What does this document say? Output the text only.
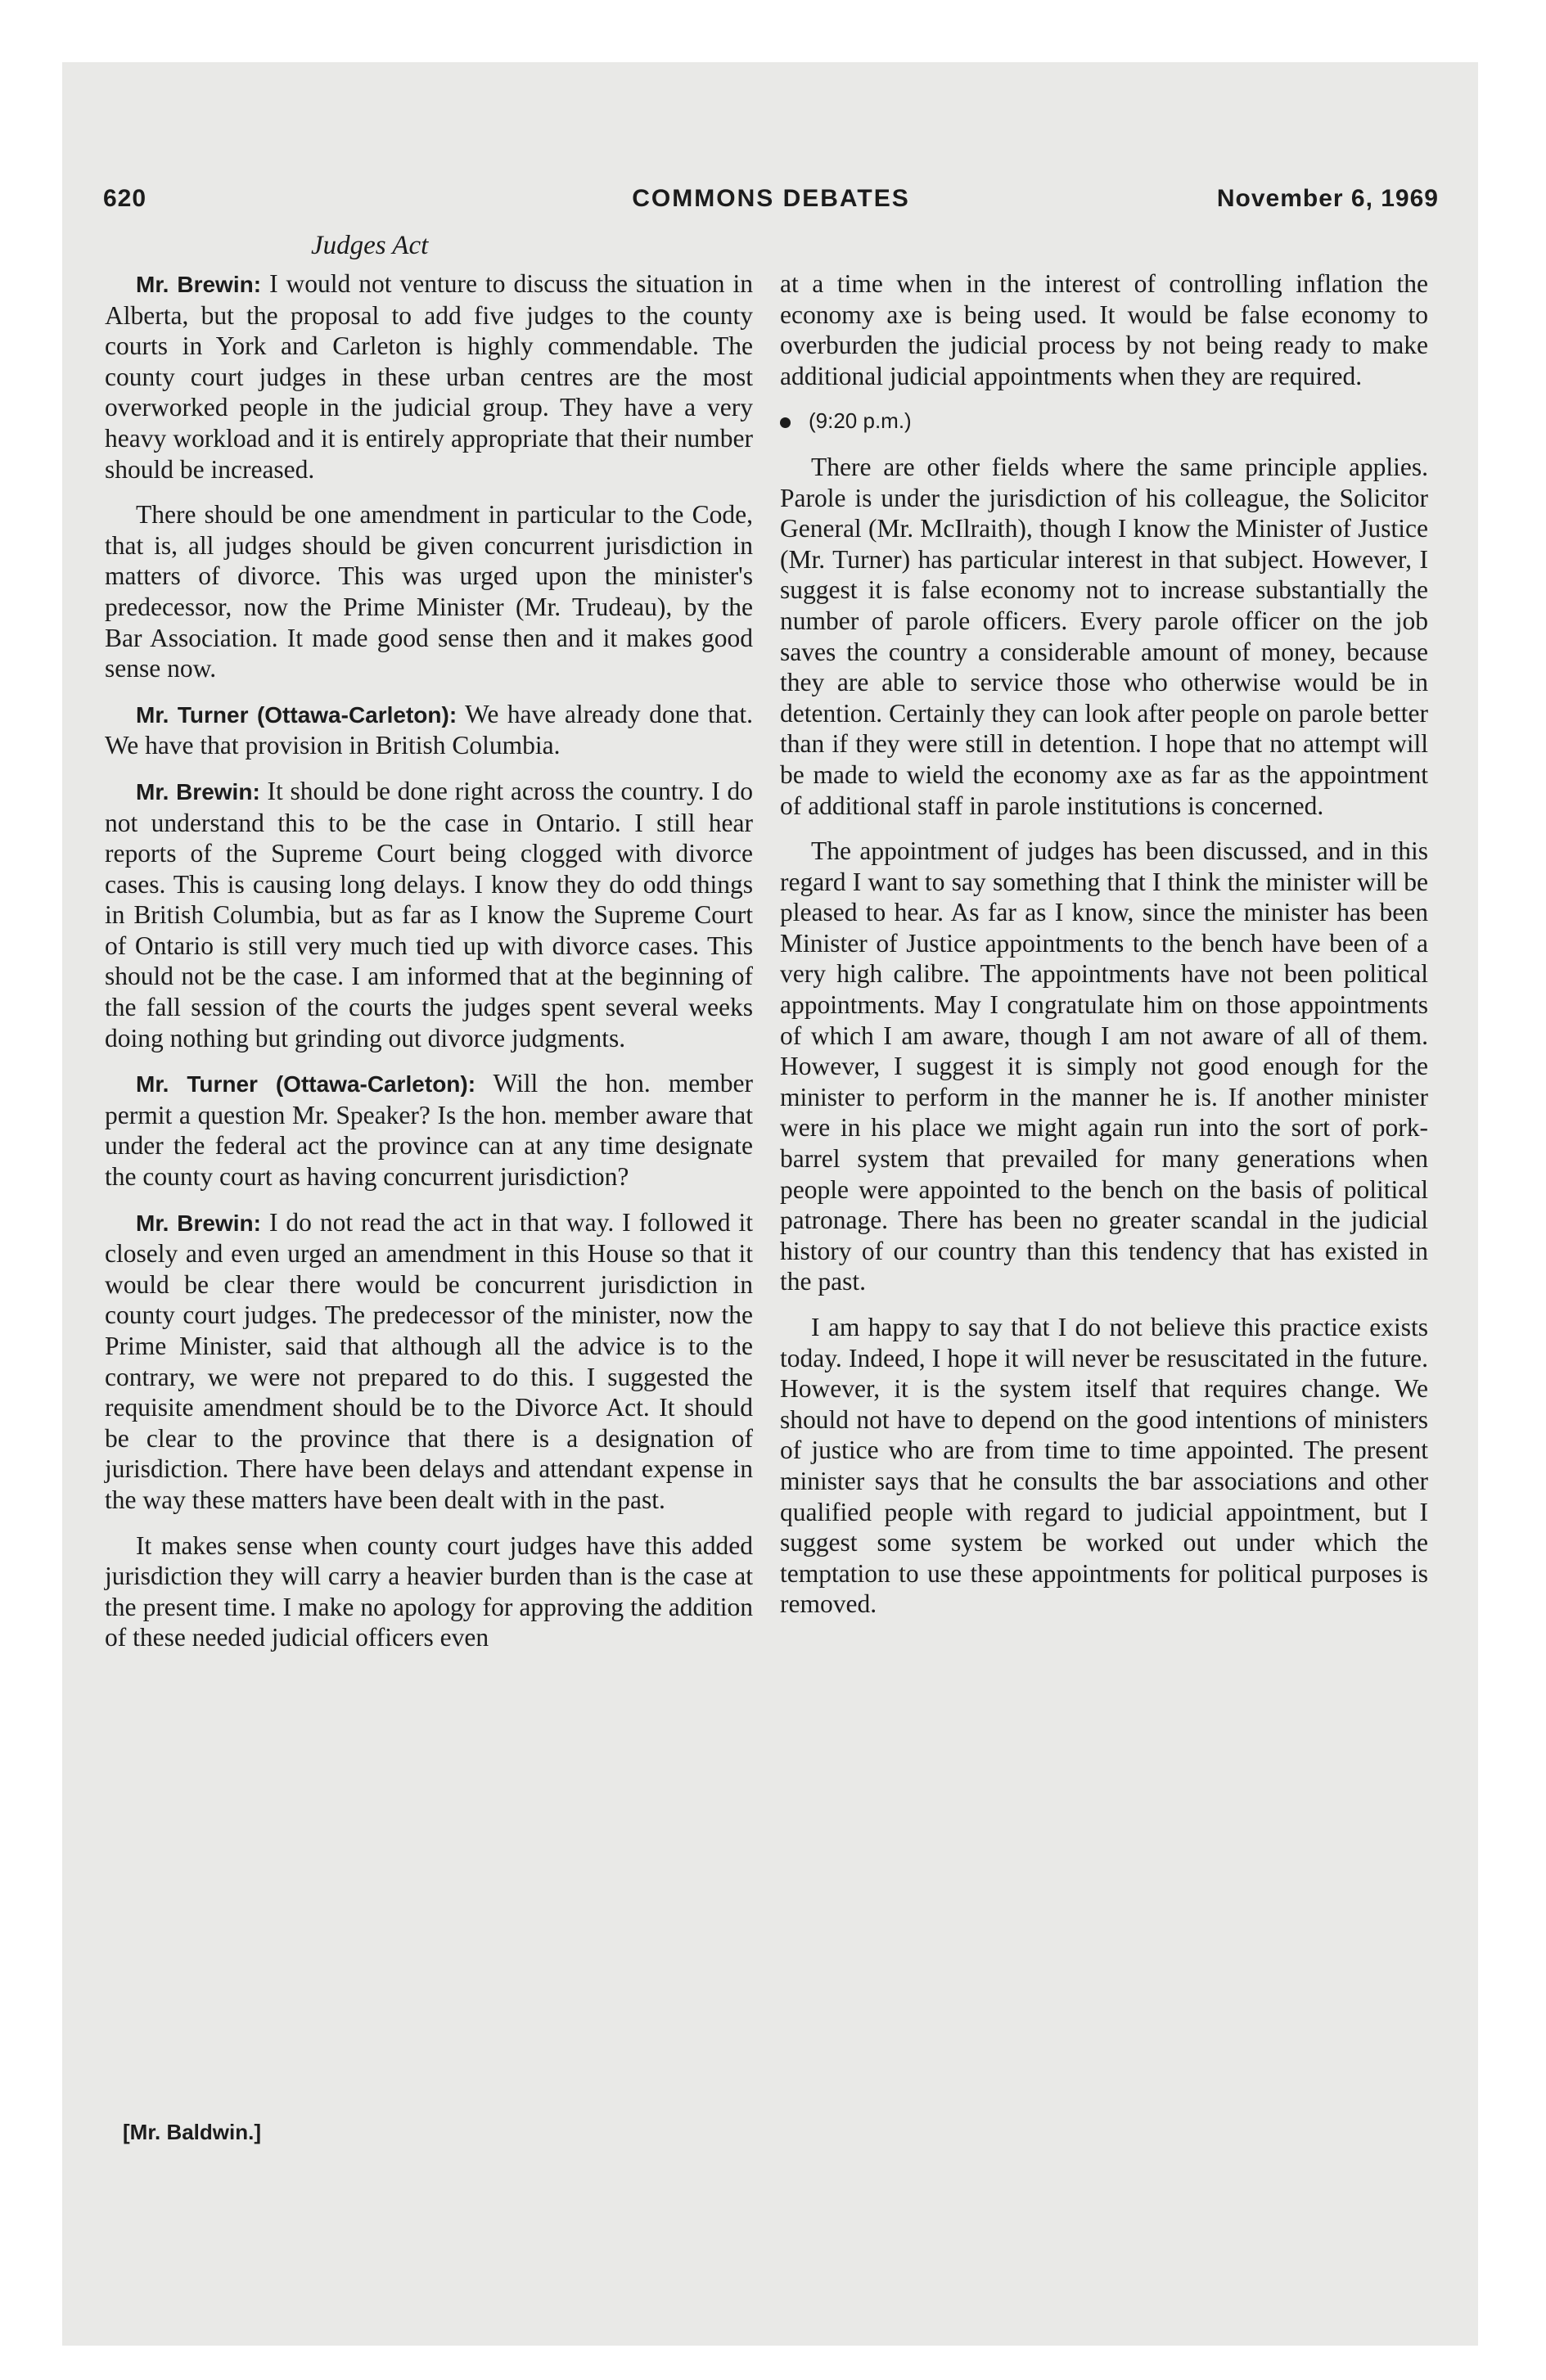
620	COMMONS DEBATES	November 6, 1969
Judges Act

Mr. Brewin: I would not venture to discuss the situation in Alberta, but the proposal to add five judges to the county courts in York and Carleton is highly commendable. The county court judges in these urban centres are the most overworked people in the judicial group. They have a very heavy workload and it is entirely appropriate that their number should be increased.

There should be one amendment in particular to the Code, that is, all judges should be given concurrent jurisdiction in matters of divorce. This was urged upon the minister's predecessor, now the Prime Minister (Mr. Trudeau), by the Bar Association. It made good sense then and it makes good sense now.

Mr. Turner (Ottawa-Carleton): We have already done that. We have that provision in British Columbia.

Mr. Brewin: It should be done right across the country. I do not understand this to be the case in Ontario. I still hear reports of the Supreme Court being clogged with divorce cases. This is causing long delays. I know they do odd things in British Columbia, but as far as I know the Supreme Court of Ontario is still very much tied up with divorce cases. This should not be the case. I am informed that at the beginning of the fall session of the courts the judges spent several weeks doing nothing but grinding out divorce judgments.

Mr. Turner (Ottawa-Carleton): Will the hon. member permit a question Mr. Speaker? Is the hon. member aware that under the federal act the province can at any time designate the county court as having concurrent jurisdiction?

Mr. Brewin: I do not read the act in that way. I followed it closely and even urged an amendment in this House so that it would be clear there would be concurrent jurisdiction in county court judges. The predecessor of the minister, now the Prime Minister, said that although all the advice is to the contrary, we were not prepared to do this. I suggested the requisite amendment should be to the Divorce Act. It should be clear to the province that there is a designation of jurisdiction. There have been delays and attendant expense in the way these matters have been dealt with in the past.

It makes sense when county court judges have this added jurisdiction they will carry a heavier burden than is the case at the present time. I make no apology for approving the addition of these needed judicial officers even

at a time when in the interest of controlling inflation the economy axe is being used. It would be false economy to overburden the judicial process by not being ready to make additional judicial appointments when they are required.

(9:20 p.m.)

There are other fields where the same principle applies. Parole is under the jurisdiction of his colleague, the Solicitor General (Mr. McIlraith), though I know the Minister of Justice (Mr. Turner) has particular interest in that subject. However, I suggest it is false economy not to increase substantially the number of parole officers. Every parole officer on the job saves the country a considerable amount of money, because they are able to service those who otherwise would be in detention. Certainly they can look after people on parole better than if they were still in detention. I hope that no attempt will be made to wield the economy axe as far as the appointment of additional staff in parole institutions is concerned.

The appointment of judges has been discussed, and in this regard I want to say something that I think the minister will be pleased to hear. As far as I know, since the minister has been Minister of Justice appointments to the bench have been of a very high calibre. The appointments have not been political appointments. May I congratulate him on those appointments of which I am aware, though I am not aware of all of them. However, I suggest it is simply not good enough for the minister to perform in the manner he is. If another minister were in his place we might again run into the sort of pork-barrel system that prevailed for many generations when people were appointed to the bench on the basis of political patronage. There has been no greater scandal in the judicial history of our country than this tendency that has existed in the past.

I am happy to say that I do not believe this practice exists today. Indeed, I hope it will never be resuscitated in the future. However, it is the system itself that requires change. We should not have to depend on the good intentions of ministers of justice who are from time to time appointed. The present minister says that he consults the bar associations and other qualified people with regard to judicial appointment, but I suggest some system be worked out under which the temptation to use these appointments for political purposes is removed.

[Mr. Baldwin.]
